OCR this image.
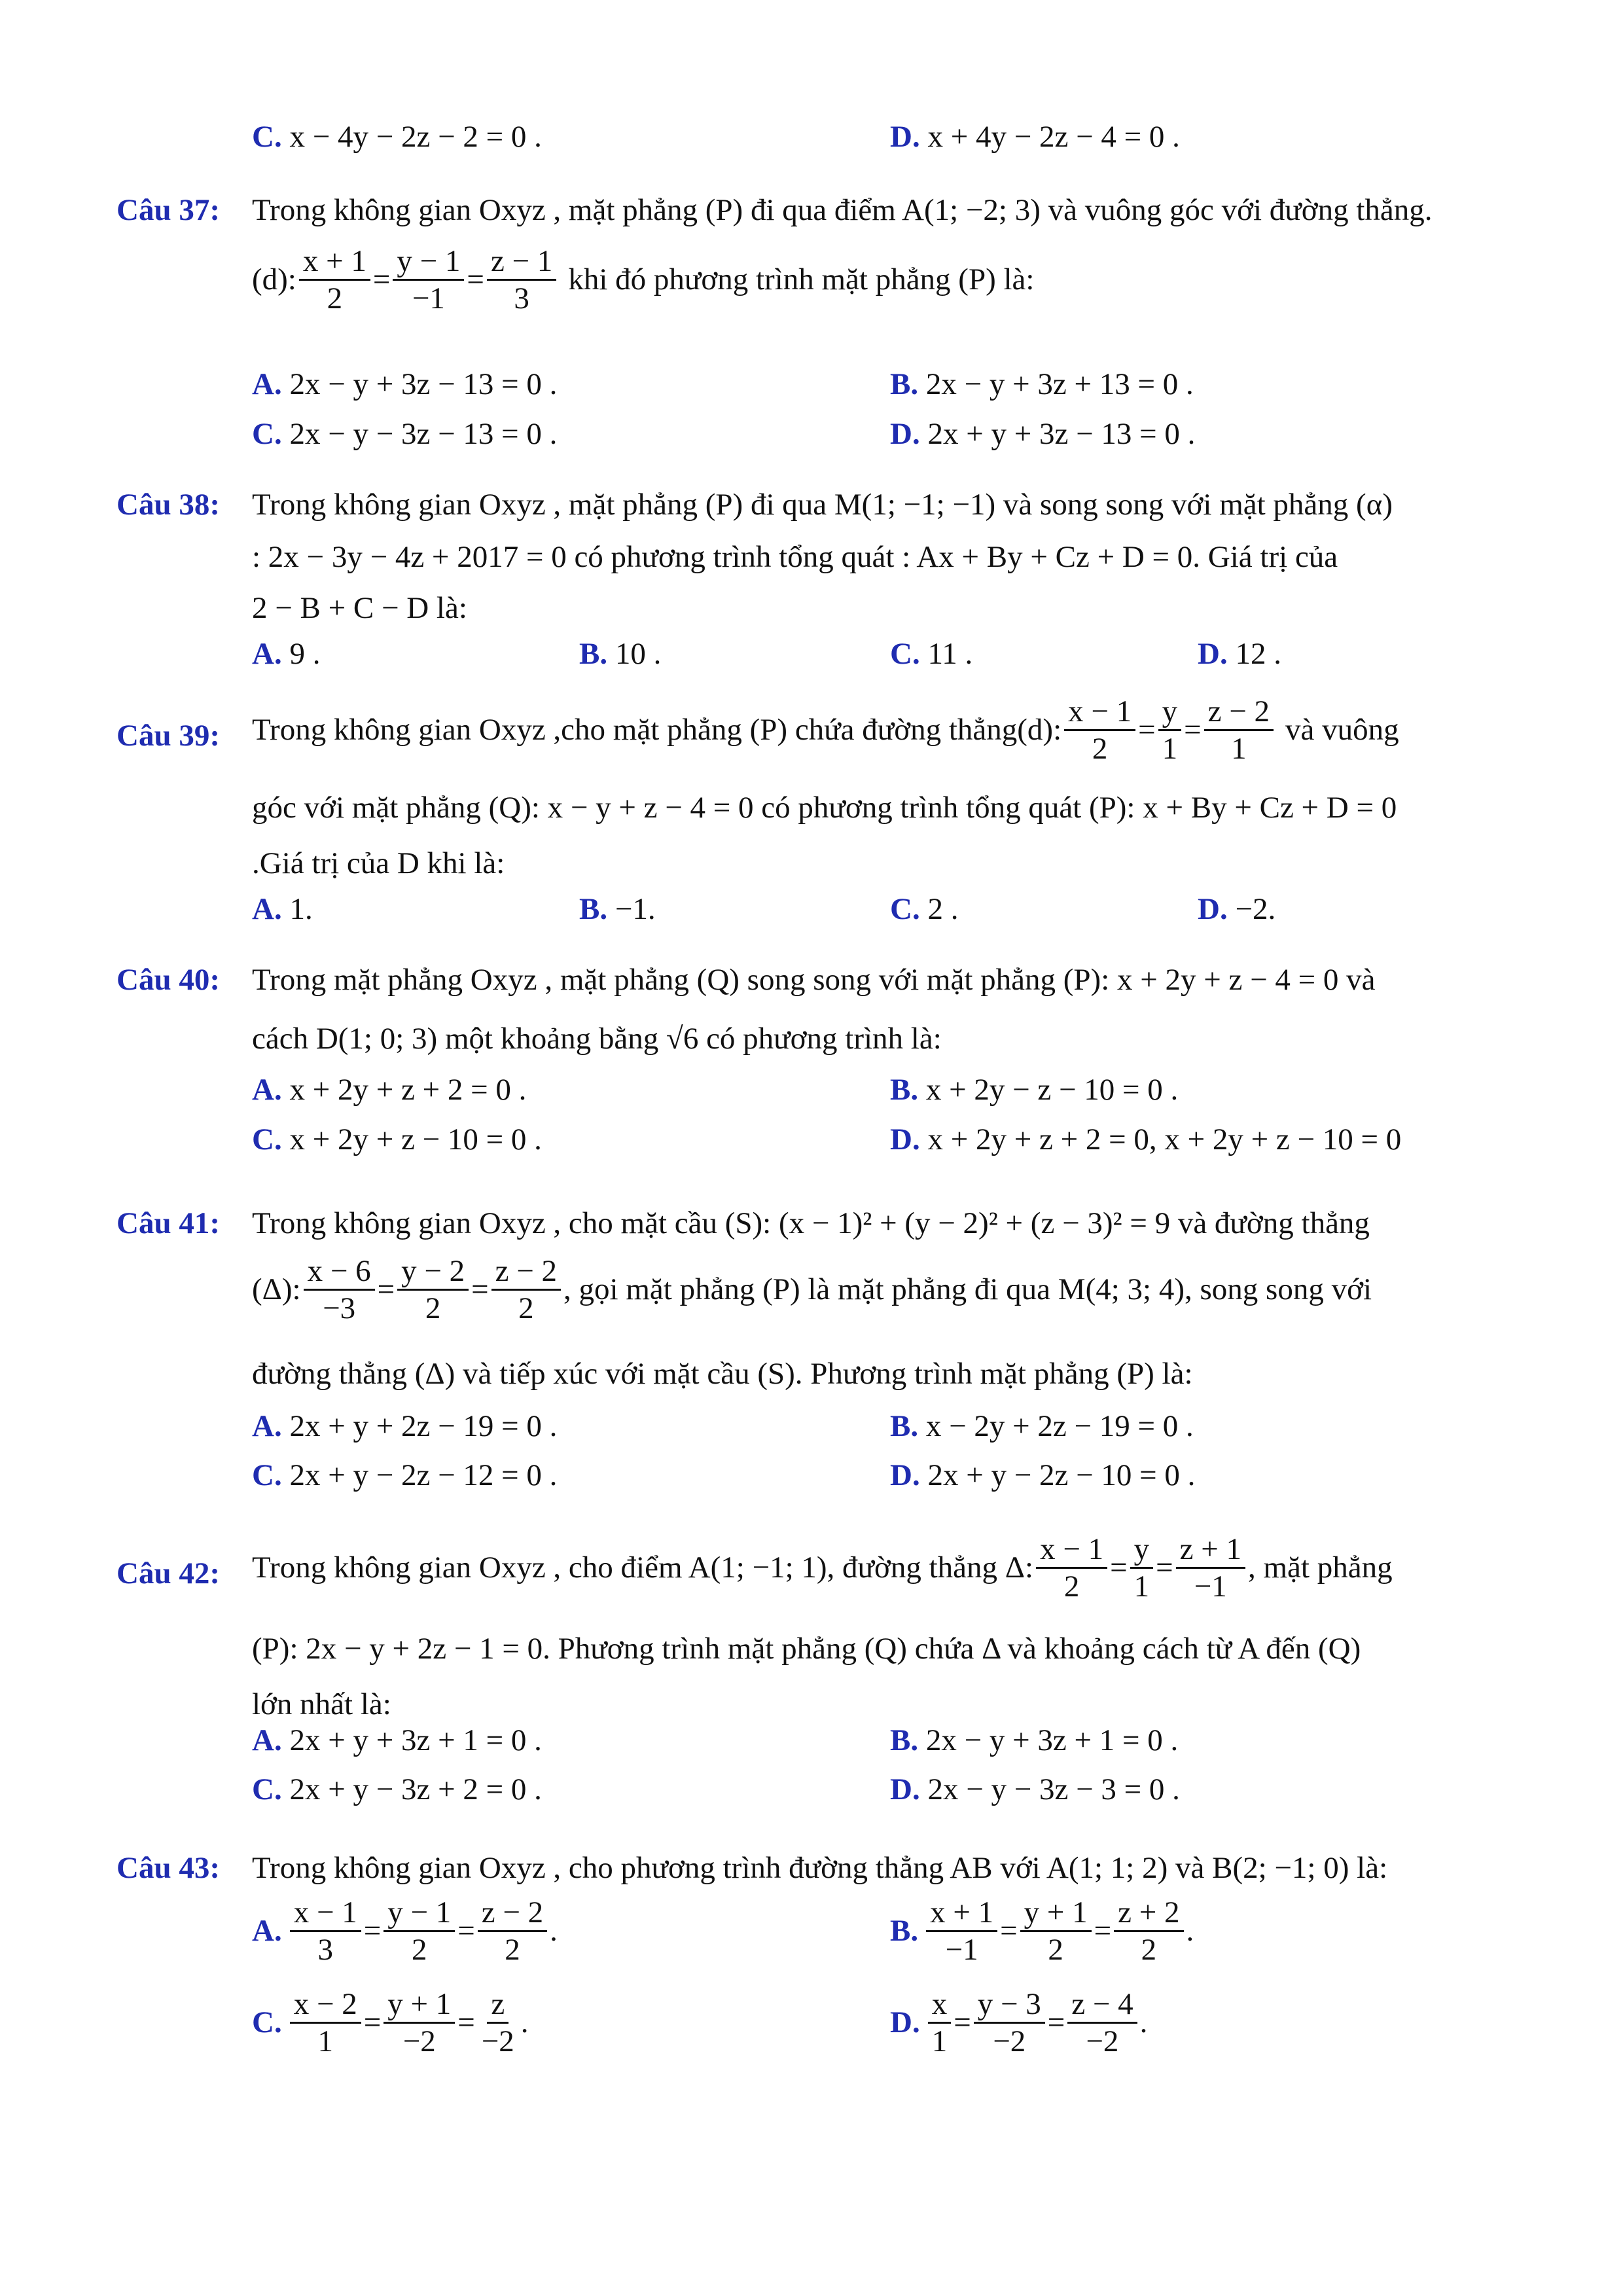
C. x − 4y − 2z − 2 = 0 .	D. x + 4y − 2z − 4 = 0 .
Câu 37: Trong không gian Oxyz , mặt phẳng (P) đi qua điểm A(1; −2; 3) và vuông góc với đường thẳng.
(d): $\frac{x + 1}{2} = \frac{y - 1}{-1} = \frac{z - 1}{3}$ khi đó phương trình mặt phẳng (P) là:
A. 2x − y + 3z − 13 = 0 .	B. 2x − y + 3z + 13 = 0 .
C. 2x − y − 3z − 13 = 0 .	D. 2x + y + 3z − 13 = 0 .
Câu 38: Trong không gian Oxyz , mặt phẳng (P) đi qua M(1; −1; −1) và song song với mặt phẳng (α)
: 2x − 3y − 4z + 2017 = 0 có phương trình tổng quát : Ax + By + Cz + D = 0. Giá trị của
2 − B + C − D là:
A. 9 .	B. 10 .	C. 11 .	D. 12 .
Câu 39: Trong không gian Oxyz ,cho mặt phẳng (P) chứa đường thẳng(d): $\frac{x - 1}{2} = \frac{y}{1} = \frac{z - 2}{1}$ và vuông
góc với mặt phẳng (Q): x − y + z − 4 = 0 có phương trình tổng quát (P): x + By + Cz + D = 0
.Giá trị của D khi là:
A. 1.	B. −1.	C. 2 .	D. −2.
Câu 40: Trong mặt phẳng Oxyz , mặt phẳng (Q) song song với mặt phẳng (P): x + 2y + z − 4 = 0 và
cách D(1; 0; 3) một khoảng bằng √6 có phương trình là:
A. x + 2y + z + 2 = 0 .	B. x + 2y − z − 10 = 0 .
C. x + 2y + z − 10 = 0 .	D. x + 2y + z + 2 = 0, x + 2y + z − 10 = 0
Câu 41: Trong không gian Oxyz , cho mặt cầu (S): (x − 1)² + (y − 2)² + (z − 3)² = 9 và đường thẳng
(Δ): $\frac{x - 6}{-3} = \frac{y - 2}{2} = \frac{z - 2}{2}$ , gọi mặt phẳng (P) là mặt phẳng đi qua M(4; 3; 4), song song với
đường thẳng (Δ) và tiếp xúc với mặt cầu (S). Phương trình mặt phẳng (P) là:
A. 2x + y + 2z − 19 = 0 .	B. x − 2y + 2z − 19 = 0 .
C. 2x + y − 2z − 12 = 0 .	D. 2x + y − 2z − 10 = 0 .
Câu 42: Trong không gian Oxyz , cho điểm A(1; −1; 1), đường thẳng Δ: $\frac{x - 1}{2} = \frac{y}{1} = \frac{z + 1}{-1}$ , mặt phẳng
(P): 2x − y + 2z − 1 = 0. Phương trình mặt phẳng (Q) chứa Δ và khoảng cách từ A đến (Q)
lớn nhất là:
A. 2x + y + 3z + 1 = 0 .	B. 2x − y + 3z + 1 = 0 .
C. 2x + y − 3z + 2 = 0 .	D. 2x − y − 3z − 3 = 0 .
Câu 43: Trong không gian Oxyz , cho phương trình đường thẳng AB với A(1; 1; 2) và B(2; −1; 0) là:
A. $\frac{x - 1}{3} = \frac{y - 1}{2} = \frac{z - 2}{2}$ .	B. $\frac{x + 1}{-1} = \frac{y + 1}{2} = \frac{z + 2}{2}$ .
C. $\frac{x - 2}{1} = \frac{y + 1}{-2} = \frac{z}{-2}$ .	D. $\frac{x}{1} = \frac{y - 3}{-2} = \frac{z - 4}{-2}$ .
